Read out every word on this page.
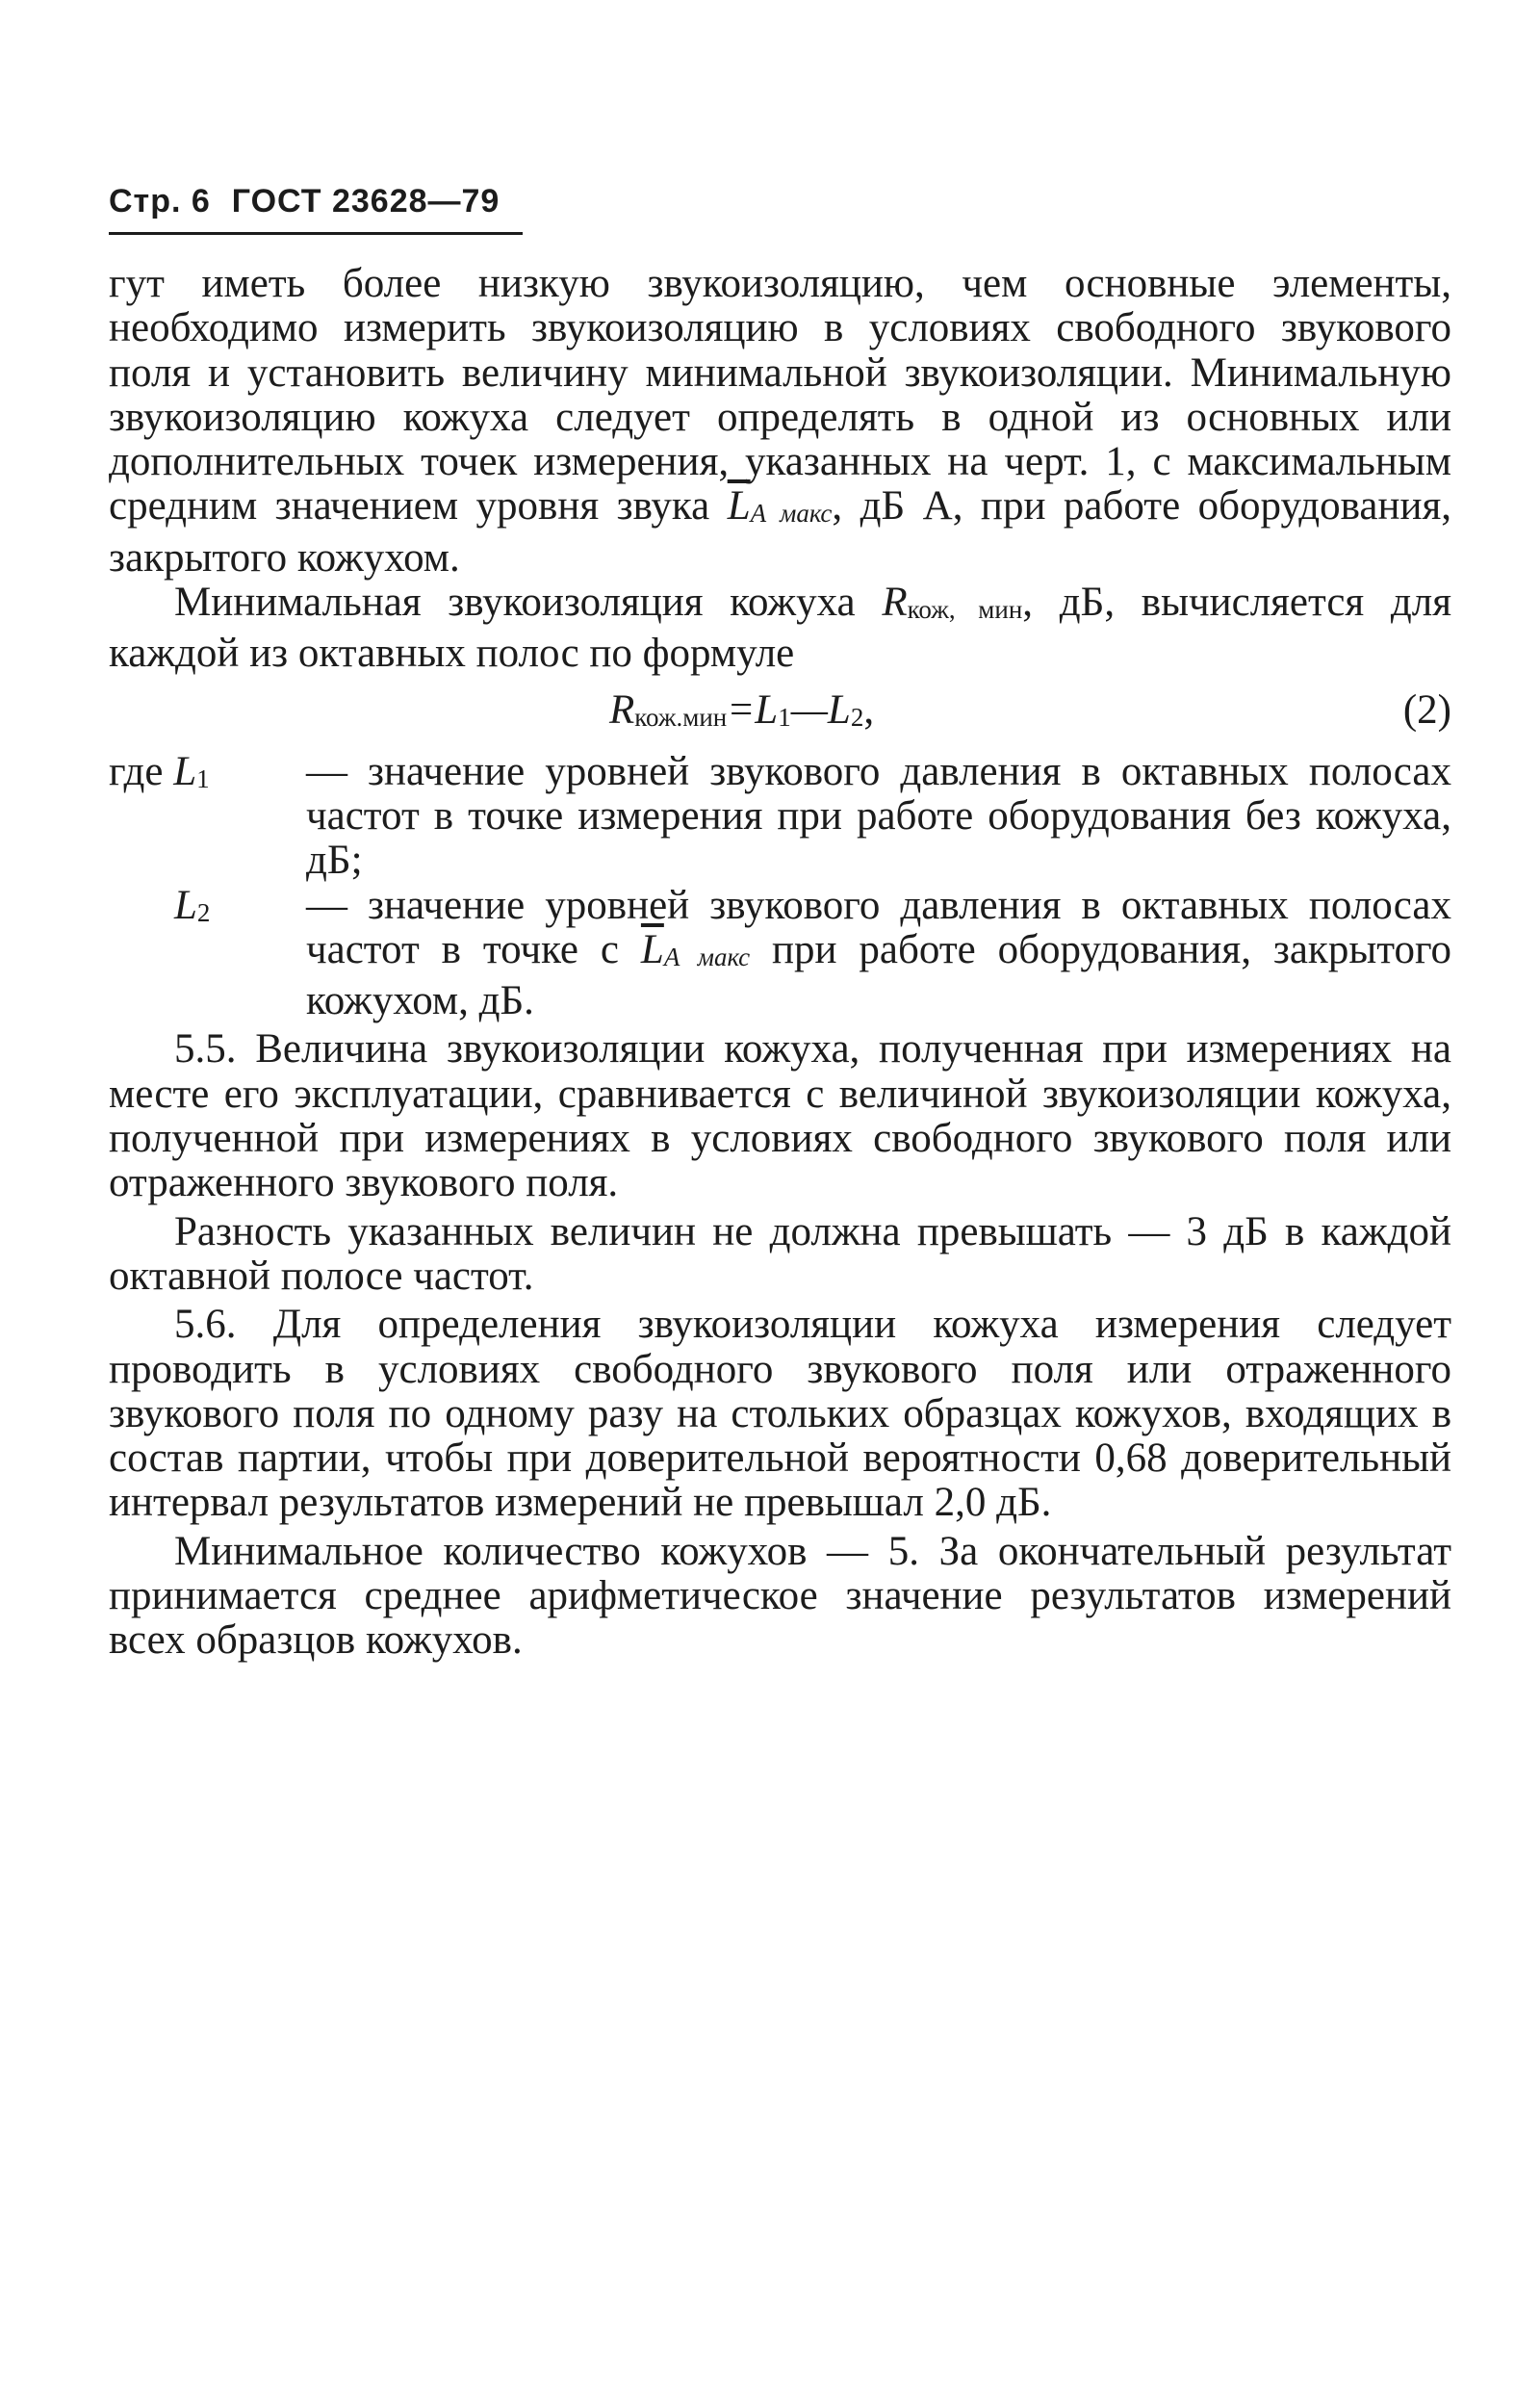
Стр. 6 ГОСТ 23628—79

гут иметь более низкую звукоизоляцию, чем основные элементы, необходимо измерить звукоизоляцию в условиях свободного звукового поля и установить величину минимальной звукоизоляции. Минимальную звукоизоляцию кожуха следует определять в одной из основных или дополнительных точек измерения, указанных на черт. 1, с максимальным средним значением уровня звука $\overline{L}A$ макс, дБ А, при работе оборудования, закрытого кожухом.

Минимальная звукоизоляция кожуха Rкож, мин, дБ, вычисляется для каждой из октавных полос по формуле

Rкож.мин=L1—L2,	(2)
где L1	— значение уровней звукового давления в октавных полосах частот в точке измерения при работе оборудования без кожуха, дБ;
L2	— значение уровней звукового давления в октавных полосах частот в точке с $\overline{L}A$ макс при работе оборудования, закрытого кожухом, дБ.

5.5. Величина звукоизоляции кожуха, полученная при измерениях на месте его эксплуатации, сравнивается с величиной звукоизоляции кожуха, полученной при измерениях в условиях свободного звукового поля или отраженного звукового поля.

Разность указанных величин не должна превышать — 3 дБ в каждой октавной полосе частот.

5.6. Для определения звукоизоляции кожуха измерения следует проводить в условиях свободного звукового поля или отраженного звукового поля по одному разу на стольких образцах кожухов, входящих в состав партии, чтобы при доверительной вероятности 0,68 доверительный интервал результатов измерений не превышал 2,0 дБ.

Минимальное количество кожухов — 5. За окончательный результат принимается среднее арифметическое значение результатов измерений всех образцов кожухов.
